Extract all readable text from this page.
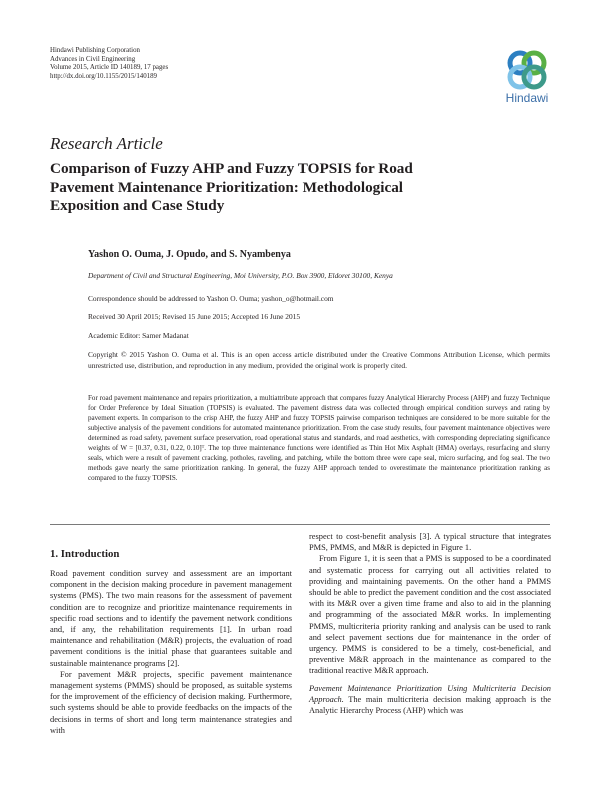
Hindawi Publishing Corporation
Advances in Civil Engineering
Volume 2015, Article ID 140189, 17 pages
http://dx.doi.org/10.1155/2015/140189
Hindawi
Research Article
Comparison of Fuzzy AHP and Fuzzy TOPSIS for Road
Pavement Maintenance Prioritization: Methodological
Exposition and Case Study
Yashon O. Ouma, J. Opudo, and S. Nyambenya
Department of Civil and Structural Engineering, Moi University, P.O. Box 3900, Eldoret 30100, Kenya
Correspondence should be addressed to Yashon O. Ouma; yashon_o@hotmail.com
Received 30 April 2015; Revised 15 June 2015; Accepted 16 June 2015
Academic Editor: Samer Madanat
Copyright © 2015 Yashon O. Ouma et al. This is an open access article distributed under the Creative Commons Attribution License, which permits unrestricted use, distribution, and reproduction in any medium, provided the original work is properly cited.
For road pavement maintenance and repairs prioritization, a multiattribute approach that compares fuzzy Analytical Hierarchy Process (AHP) and fuzzy Technique for Order Preference by Ideal Situation (TOPSIS) is evaluated. The pavement distress data was collected through empirical condition surveys and rating by pavement experts. In comparison to the crisp AHP, the fuzzy AHP and fuzzy TOPSIS pairwise comparison techniques are considered to be more suitable for the subjective analysis of the pavement conditions for automated maintenance prioritization. From the case study results, four pavement maintenance objectives were determined as road safety, pavement surface preservation, road operational status and standards, and road aesthetics, with corresponding depreciating significance weights of W = [0.37, 0.31, 0.22, 0.10]ᵀ. The top three maintenance functions were identified as Thin Hot Mix Asphalt (HMA) overlays, resurfacing and slurry seals, which were a result of pavement cracking, potholes, raveling, and patching, while the bottom three were cape seal, micro surfacing, and fog seal. The two methods gave nearly the same prioritization ranking. In general, the fuzzy AHP approach tended to overestimate the maintenance prioritization ranking as compared to the fuzzy TOPSIS.
1. Introduction

Road pavement condition survey and assessment are an important component in the decision making procedure in pavement management systems (PMS). The two main reasons for the assessment of pavement condition are to recognize and prioritize maintenance requirements in specific road sections and to identify the pavement network conditions and, if any, the rehabilitation requirements [1]. In urban road maintenance and rehabilitation (M&R) projects, the evaluation of road pavement conditions is the initial phase that guarantees suitable and sustainable maintenance programs [2].

For pavement M&R projects, specific pavement maintenance management systems (PMMS) should be proposed, as suitable systems for the improvement of the efficiency of decision making. Furthermore, such systems should be able to provide feedbacks on the impacts of the decisions in terms of short and long term maintenance strategies and with

respect to cost-benefit analysis [3]. A typical structure that integrates PMS, PMMS, and M&R is depicted in Figure 1.

From Figure 1, it is seen that a PMS is supposed to be a coordinated and systematic process for carrying out all activities related to providing and maintaining pavements. On the other hand a PMMS should be able to predict the pavement condition and the cost associated with its M&R over a given time frame and also to aid in the planning and programming of the associated M&R works. In implementing PMMS, multicriteria priority ranking and analysis can be used to rank and select pavement sections due for maintenance in the order of urgency. PMMS is considered to be a timely, cost-beneficial, and preventive M&R approach in the maintenance as compared to the traditional reactive M&R approach.

Pavement Maintenance Prioritization Using Multicriteria Decision Approach. The main multicriteria decision making approach is the Analytic Hierarchy Process (AHP) which was
